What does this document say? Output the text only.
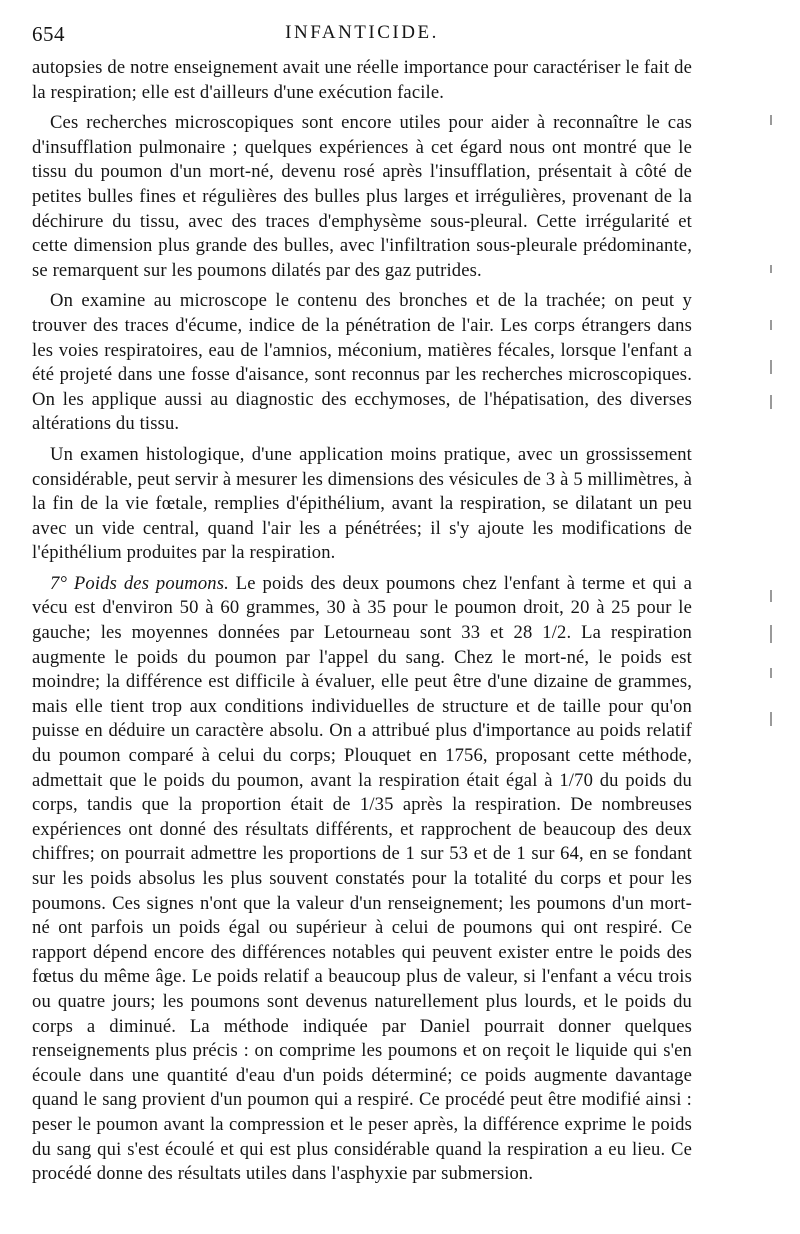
654	INFANTICIDE.

autopsies de notre enseignement avait une réelle importance pour caractériser le fait de la respiration; elle est d'ailleurs d'une exécution facile.

Ces recherches microscopiques sont encore utiles pour aider à reconnaître le cas d'insufflation pulmonaire ; quelques expériences à cet égard nous ont montré que le tissu du poumon d'un mort-né, devenu rosé après l'insufflation, présentait à côté de petites bulles fines et régulières des bulles plus larges et irrégulières, provenant de la déchirure du tissu, avec des traces d'emphysème sous-pleural. Cette irrégularité et cette dimension plus grande des bulles, avec l'infiltration sous-pleurale prédominante, se remarquent sur les poumons dilatés par des gaz putrides.

On examine au microscope le contenu des bronches et de la trachée; on peut y trouver des traces d'écume, indice de la pénétration de l'air. Les corps étrangers dans les voies respiratoires, eau de l'amnios, méconium, matières fécales, lorsque l'enfant a été projeté dans une fosse d'aisance, sont reconnus par les recherches microscopiques. On les applique aussi au diagnostic des ecchymoses, de l'hépatisation, des diverses altérations du tissu.

Un examen histologique, d'une application moins pratique, avec un grossissement considérable, peut servir à mesurer les dimensions des vésicules de 3 à 5 millimètres, à la fin de la vie fœtale, remplies d'épithélium, avant la respiration, se dilatant un peu avec un vide central, quand l'air les a pénétrées; il s'y ajoute les modifications de l'épithélium produites par la respiration.

7° Poids des poumons. Le poids des deux poumons chez l'enfant à terme et qui a vécu est d'environ 50 à 60 grammes, 30 à 35 pour le poumon droit, 20 à 25 pour le gauche; les moyennes données par Letourneau sont 33 et 28 1/2. La respiration augmente le poids du poumon par l'appel du sang. Chez le mort-né, le poids est moindre; la différence est difficile à évaluer, elle peut être d'une dizaine de grammes, mais elle tient trop aux conditions individuelles de structure et de taille pour qu'on puisse en déduire un caractère absolu. On a attribué plus d'importance au poids relatif du poumon comparé à celui du corps; Plouquet en 1756, proposant cette méthode, admettait que le poids du poumon, avant la respiration était égal à 1/70 du poids du corps, tandis que la proportion était de 1/35 après la respiration. De nombreuses expériences ont donné des résultats différents, et rapprochent de beaucoup des deux chiffres; on pourrait admettre les proportions de 1 sur 53 et de 1 sur 64, en se fondant sur les poids absolus les plus souvent constatés pour la totalité du corps et pour les poumons. Ces signes n'ont que la valeur d'un renseignement; les poumons d'un mort-né ont parfois un poids égal ou supérieur à celui de poumons qui ont respiré. Ce rapport dépend encore des différences notables qui peuvent exister entre le poids des fœtus du même âge. Le poids relatif a beaucoup plus de valeur, si l'enfant a vécu trois ou quatre jours; les poumons sont devenus naturellement plus lourds, et le poids du corps a diminué. La méthode indiquée par Daniel pourrait donner quelques renseignements plus précis : on comprime les poumons et on reçoit le liquide qui s'en écoule dans une quantité d'eau d'un poids déterminé; ce poids augmente davantage quand le sang provient d'un poumon qui a respiré. Ce procédé peut être modifié ainsi : peser le poumon avant la compression et le peser après, la différence exprime le poids du sang qui s'est écoulé et qui est plus considérable quand la respiration a eu lieu. Ce procédé donne des résultats utiles dans l'asphyxie par submersion.
